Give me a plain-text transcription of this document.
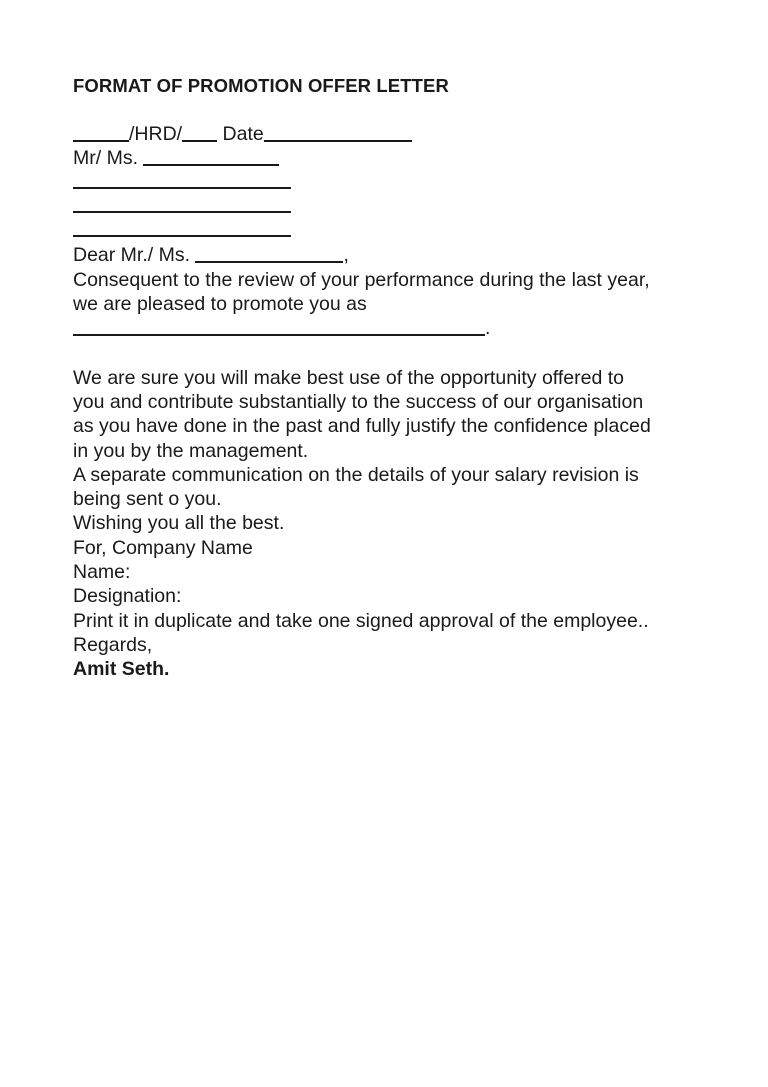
FORMAT OF PROMOTION OFFER LETTER
/HRD/ Date
Mr/ Ms.
Dear Mr./ Ms.	,
Consequent to the review of your performance during the last year,
we are pleased to promote you as
.
We are sure you will make best use of the opportunity offered to
you and contribute substantially to the success of our organisation
as you have done in the past and fully justify the confidence placed
in you by the management.
A separate communication on the details of your salary revision is
being sent o you.
Wishing you all the best.
For, Company Name
Name:
Designation:
Print it in duplicate and take one signed approval of the employee..
Regards,
Amit Seth.
